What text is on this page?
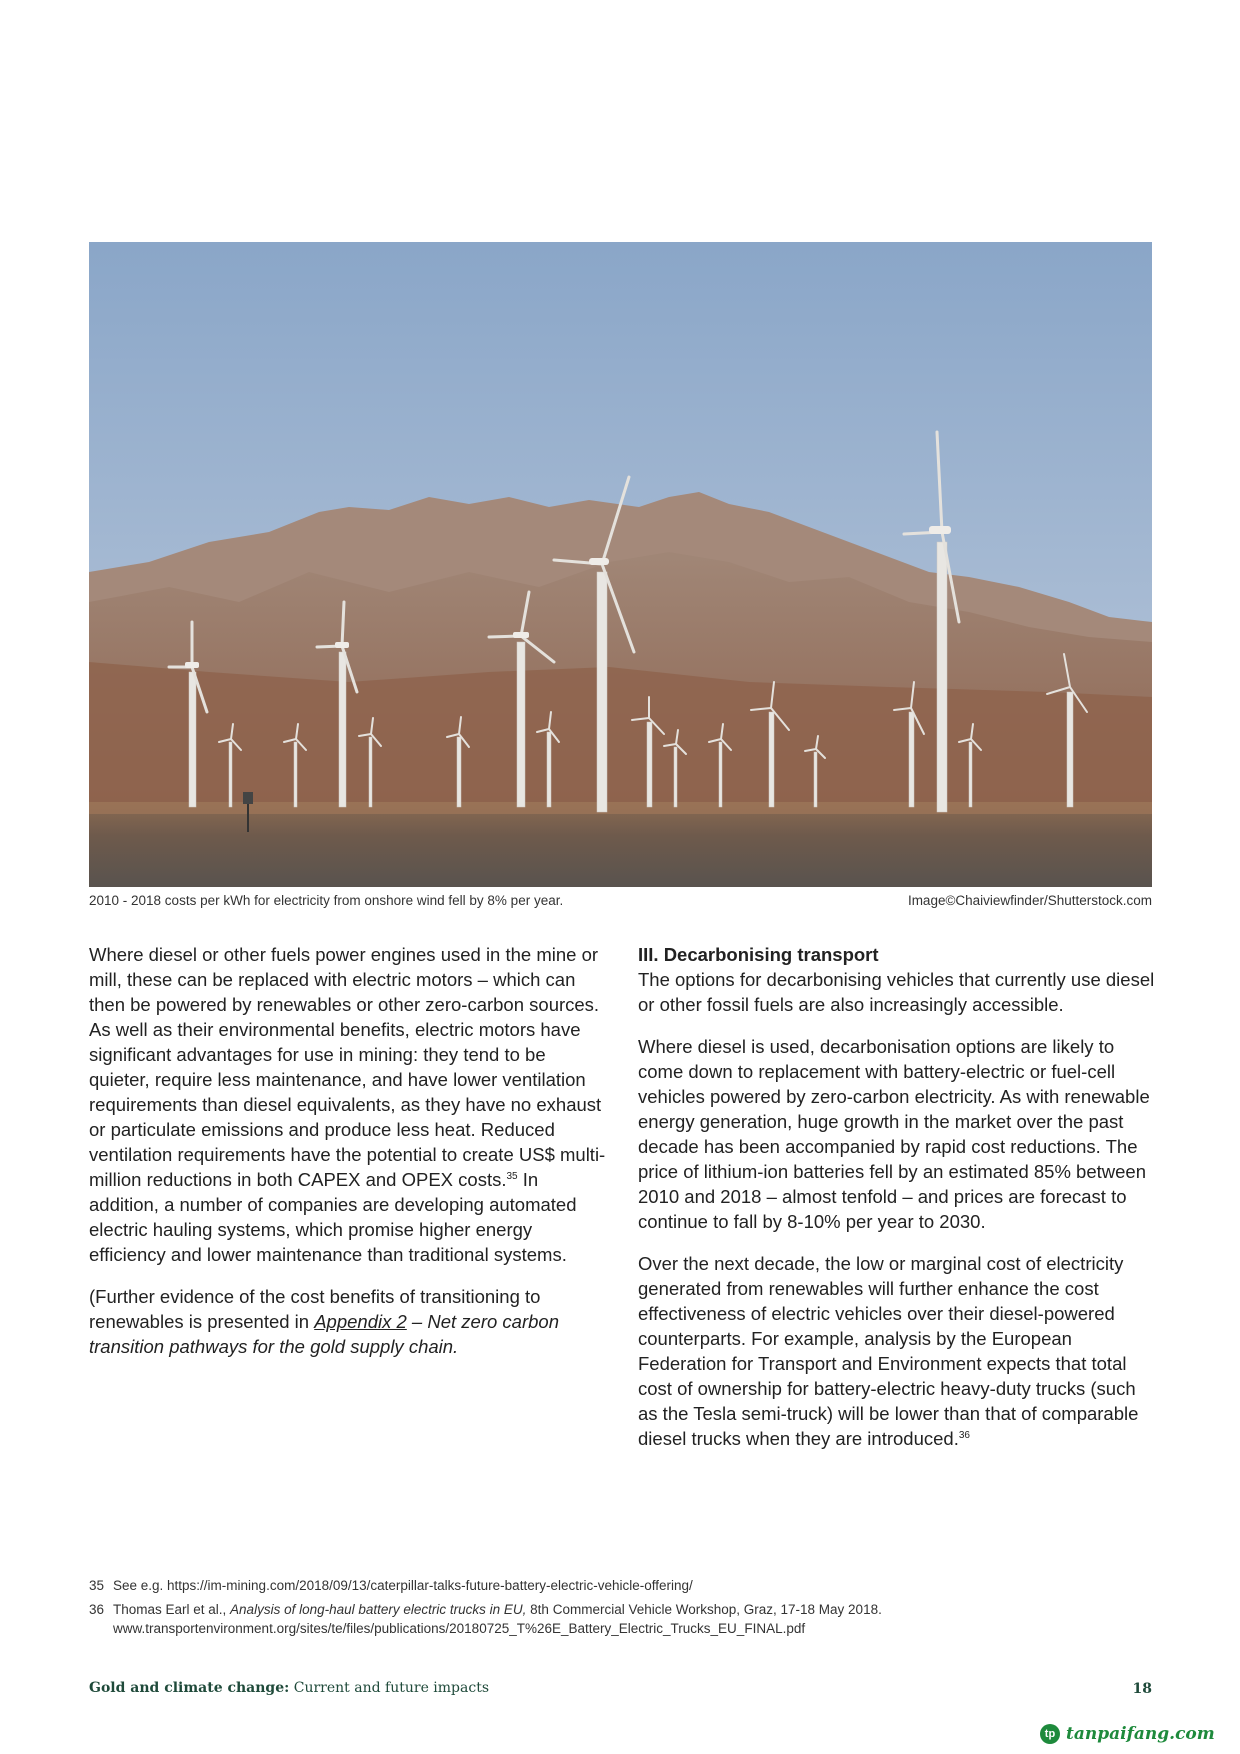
2010 - 2018 costs per kWh for electricity from onshore wind fell by 8% per year.	Image©Chaiviewfinder/Shutterstock.com

Where diesel or other fuels power engines used in the mine or mill, these can be replaced with electric motors – which can then be powered by renewables or other zero-carbon sources. As well as their environmental benefits, electric motors have significant advantages for use in mining: they tend to be quieter, require less maintenance, and have lower ventilation requirements than diesel equivalents, as they have no exhaust or particulate emissions and produce less heat. Reduced ventilation requirements have the potential to create US$ multi-million reductions in both CAPEX and OPEX costs.$^{35}$ In addition, a number of companies are developing automated electric hauling systems, which promise higher energy efficiency and lower maintenance than traditional systems.

(Further evidence of the cost benefits of transitioning to renewables is presented in Appendix 2 – Net zero carbon transition pathways for the gold supply chain.

III. Decarbonising transport
The options for decarbonising vehicles that currently use diesel or other fossil fuels are also increasingly accessible.

Where diesel is used, decarbonisation options are likely to come down to replacement with battery-electric or fuel-cell vehicles powered by zero-carbon electricity. As with renewable energy generation, huge growth in the market over the past decade has been accompanied by rapid cost reductions. The price of lithium-ion batteries fell by an estimated 85% between 2010 and 2018 – almost tenfold – and prices are forecast to continue to fall by 8-10% per year to 2030.

Over the next decade, the low or marginal cost of electricity generated from renewables will further enhance the cost effectiveness of electric vehicles over their diesel-powered counterparts. For example, analysis by the European Federation for Transport and Environment expects that total cost of ownership for battery-electric heavy-duty trucks (such as the Tesla semi-truck) will be lower than that of comparable diesel trucks when they are introduced.$^{36}$

35 See e.g. https://im-mining.com/2018/09/13/caterpillar-talks-future-battery-electric-vehicle-offering/
36 Thomas Earl et al., Analysis of long-haul battery electric trucks in EU, 8th Commercial Vehicle Workshop, Graz, 17-18 May 2018.
www.transportenvironment.org/sites/te/files/publications/20180725_T%26E_Battery_Electric_Trucks_EU_FINAL.pdf
Gold and climate change: Current and future impacts	18
tp tanpaifang.com
